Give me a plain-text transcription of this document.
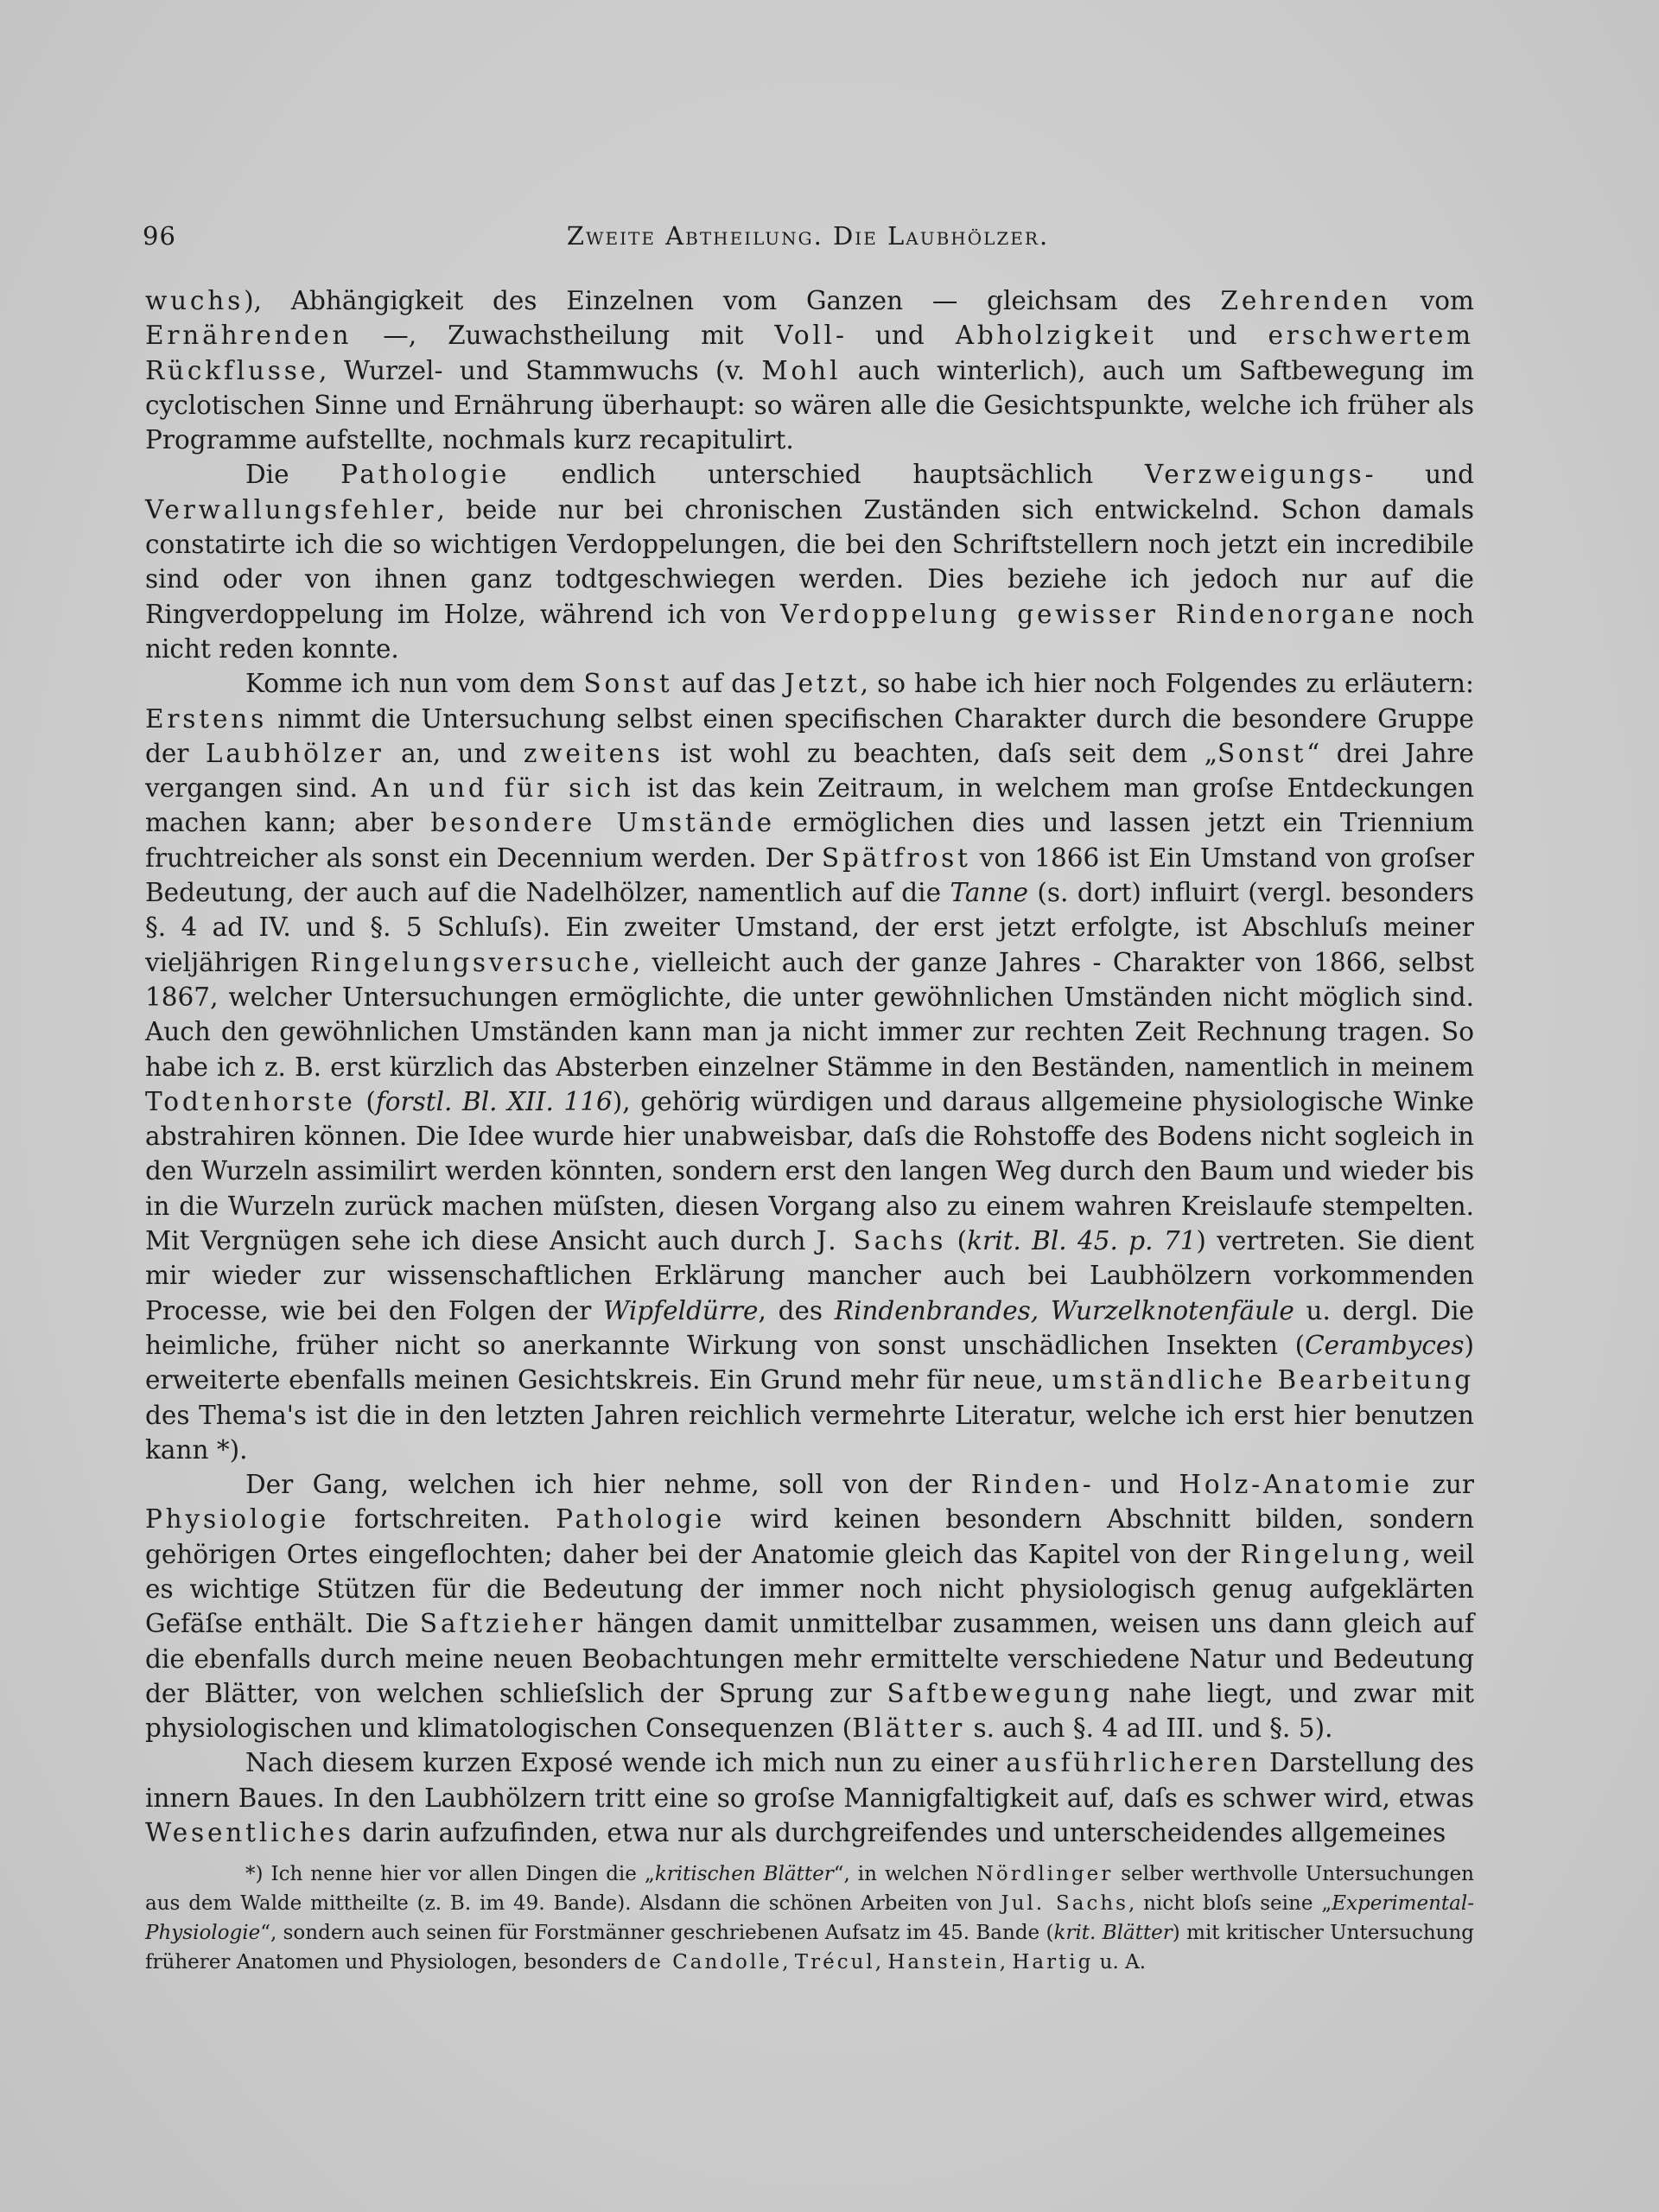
96	Zweite Abtheilung. Die Laubhölzer.

wuchs), Abhängigkeit des Einzelnen vom Ganzen — gleichsam des Zehrenden vom Ernährenden —, Zuwachstheilung mit Voll- und Abholzigkeit und erschwertem Rückflusse, Wurzel- und Stammwuchs (v. Mohl auch winterlich), auch um Saftbewegung im cyclotischen Sinne und Ernährung überhaupt: so wären alle die Gesichtspunkte, welche ich früher als Programme aufstellte, nochmals kurz recapitulirt.

Die Pathologie endlich unterschied hauptsächlich Verzweigungs- und Verwallungsfehler, beide nur bei chronischen Zuständen sich entwickelnd. Schon damals constatirte ich die so wichtigen Verdoppelungen, die bei den Schriftstellern noch jetzt ein incredibile sind oder von ihnen ganz todtgeschwiegen werden. Dies beziehe ich jedoch nur auf die Ringverdoppelung im Holze, während ich von Verdoppelung gewisser Rindenorgane noch nicht reden konnte.

Komme ich nun vom dem Sonst auf das Jetzt, so habe ich hier noch Folgendes zu erläutern: Erstens nimmt die Untersuchung selbst einen specifischen Charakter durch die besondere Gruppe der Laubhölzer an, und zweitens ist wohl zu beachten, daſs seit dem „Sonst“ drei Jahre vergangen sind. An und für sich ist das kein Zeitraum, in welchem man groſse Entdeckungen machen kann; aber besondere Umstände ermöglichen dies und lassen jetzt ein Triennium fruchtreicher als sonst ein Decennium werden. Der Spätfrost von 1866 ist Ein Umstand von groſser Bedeutung, der auch auf die Nadelhölzer, namentlich auf die Tanne (s. dort) influirt (vergl. besonders §. 4 ad IV. und §. 5 Schluſs). Ein zweiter Umstand, der erst jetzt erfolgte, ist Abschluſs meiner vieljährigen Ringelungsversuche, vielleicht auch der ganze Jahres - Charakter von 1866, selbst 1867, welcher Untersuchungen ermöglichte, die unter gewöhnlichen Umständen nicht möglich sind. Auch den gewöhnlichen Umständen kann man ja nicht immer zur rechten Zeit Rechnung tragen. So habe ich z. B. erst kürzlich das Absterben einzelner Stämme in den Beständen, namentlich in meinem Todtenhorste (forstl. Bl. XII. 116), gehörig würdigen und daraus allgemeine physiologische Winke abstrahiren können. Die Idee wurde hier unabweisbar, daſs die Rohstoffe des Bodens nicht sogleich in den Wurzeln assimilirt werden könnten, sondern erst den langen Weg durch den Baum und wieder bis in die Wurzeln zurück machen müſsten, diesen Vorgang also zu einem wahren Kreislaufe stempelten. Mit Vergnügen sehe ich diese Ansicht auch durch J. Sachs (krit. Bl. 45. p. 71) vertreten. Sie dient mir wieder zur wissenschaftlichen Erklärung mancher auch bei Laubhölzern vorkommenden Processe, wie bei den Folgen der Wipfeldürre, des Rindenbrandes, Wurzelknotenfäule u. dergl. Die heimliche, früher nicht so anerkannte Wirkung von sonst unschädlichen Insekten (Cerambyces) erweiterte ebenfalls meinen Gesichtskreis. Ein Grund mehr für neue, umständliche Bearbeitung des Thema's ist die in den letzten Jahren reichlich vermehrte Literatur, welche ich erst hier benutzen kann *).

Der Gang, welchen ich hier nehme, soll von der Rinden- und Holz-Anatomie zur Physiologie fortschreiten. Pathologie wird keinen besondern Abschnitt bilden, sondern gehörigen Ortes eingeflochten; daher bei der Anatomie gleich das Kapitel von der Ringelung, weil es wichtige Stützen für die Bedeutung der immer noch nicht physiologisch genug aufgeklärten Gefäſse enthält. Die Saftzieher hängen damit unmittelbar zusammen, weisen uns dann gleich auf die ebenfalls durch meine neuen Beobachtungen mehr ermittelte verschiedene Natur und Bedeutung der Blätter, von welchen schlieſslich der Sprung zur Saftbewegung nahe liegt, und zwar mit physiologischen und klimatologischen Consequenzen (Blätter s. auch §. 4 ad III. und §. 5).

Nach diesem kurzen Exposé wende ich mich nun zu einer ausführlicheren Darstellung des innern Baues. In den Laubhölzern tritt eine so groſse Mannigfaltigkeit auf, daſs es schwer wird, etwas Wesentliches darin aufzufinden, etwa nur als durchgreifendes und unterscheidendes allgemeines

*) Ich nenne hier vor allen Dingen die „kritischen Blätter“, in welchen Nördlinger selber werthvolle Untersuchungen aus dem Walde mittheilte (z. B. im 49. Bande). Alsdann die schönen Arbeiten von Jul. Sachs, nicht bloſs seine „Experimental-Physiologie“, sondern auch seinen für Forstmänner geschriebenen Aufsatz im 45. Bande (krit. Blätter) mit kritischer Untersuchung früherer Anatomen und Physiologen, besonders de Candolle, Trécul, Hanstein, Hartig u. A.
